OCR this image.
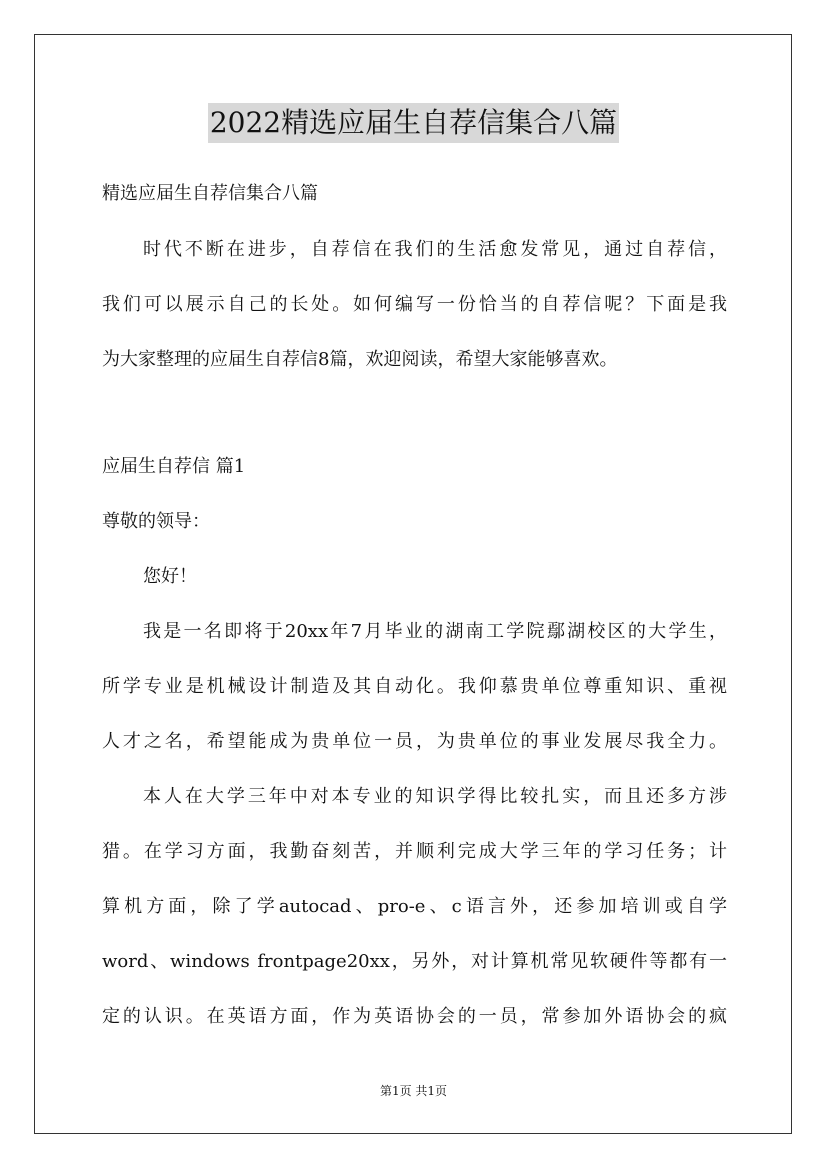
2022精选应届生自荐信集合八篇
精选应届生自荐信集合八篇
时代不断在进步，自荐信在我们的生活愈发常见，通过自荐信，
我们可以展示自己的长处。如何编写一份恰当的自荐信呢？下面是我
为大家整理的应届生自荐信8篇，欢迎阅读，希望大家能够喜欢。
应届生自荐信 篇1
尊敬的领导：
您好！
我是一名即将于20xx年7月毕业的湖南工学院鄢湖校区的大学生，
所学专业是机械设计制造及其自动化。我仰慕贵单位尊重知识、重视
人才之名，希望能成为贵单位一员，为贵单位的事业发展尽我全力。
本人在大学三年中对本专业的知识学得比较扎实，而且还多方涉
猎。在学习方面，我勤奋刻苦，并顺利完成大学三年的学习任务；计
算机方面，除了学autocad、pro-e、c语言外，还参加培训或自学
word、windows frontpage20xx，另外，对计算机常见软硬件等都有一
定的认识。在英语方面，作为英语协会的一员，常参加外语协会的疯
第1页 共1页
